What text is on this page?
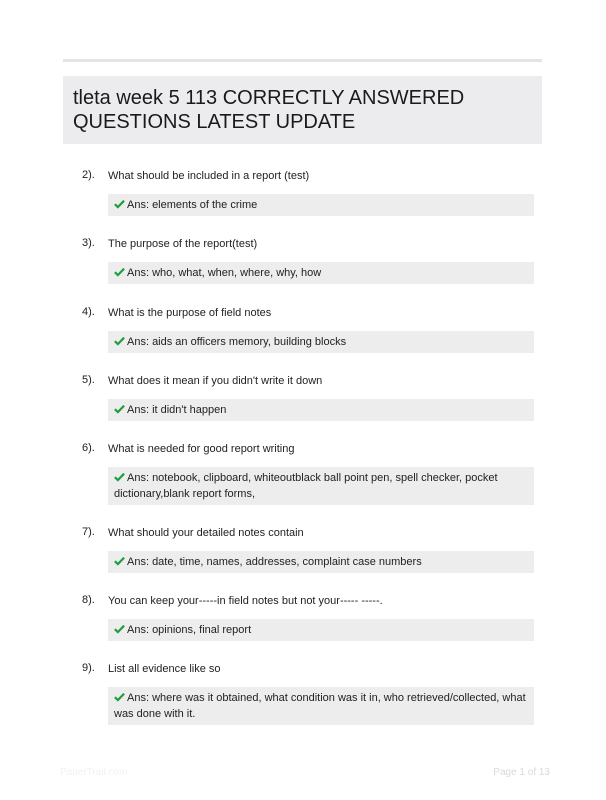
tleta week 5 113 CORRECTLY ANSWERED QUESTIONS LATEST UPDATE
2). What should be included in a report (test)
Ans: elements of the crime
3). The purpose of the report(test)
Ans: who, what, when, where, why, how
4). What is the purpose of field notes
Ans: aids an officers memory, building blocks
5). What does it mean if you didn't write it down
Ans: it didn't happen
6). What is needed for good report writing
Ans: notebook, clipboard, whiteoutblack ball point pen, spell checker, pocket dictionary,blank report forms,
7). What should your detailed notes contain
Ans: date, time, names, addresses, complaint case numbers
8). You can keep your-----in field notes but not your----- -----.
Ans: opinions, final report
9). List all evidence like so
Ans: where was it obtained, what condition was it in, who retrieved/collected, what was done with it.
PaperTrail.com	Page 1 of 13
